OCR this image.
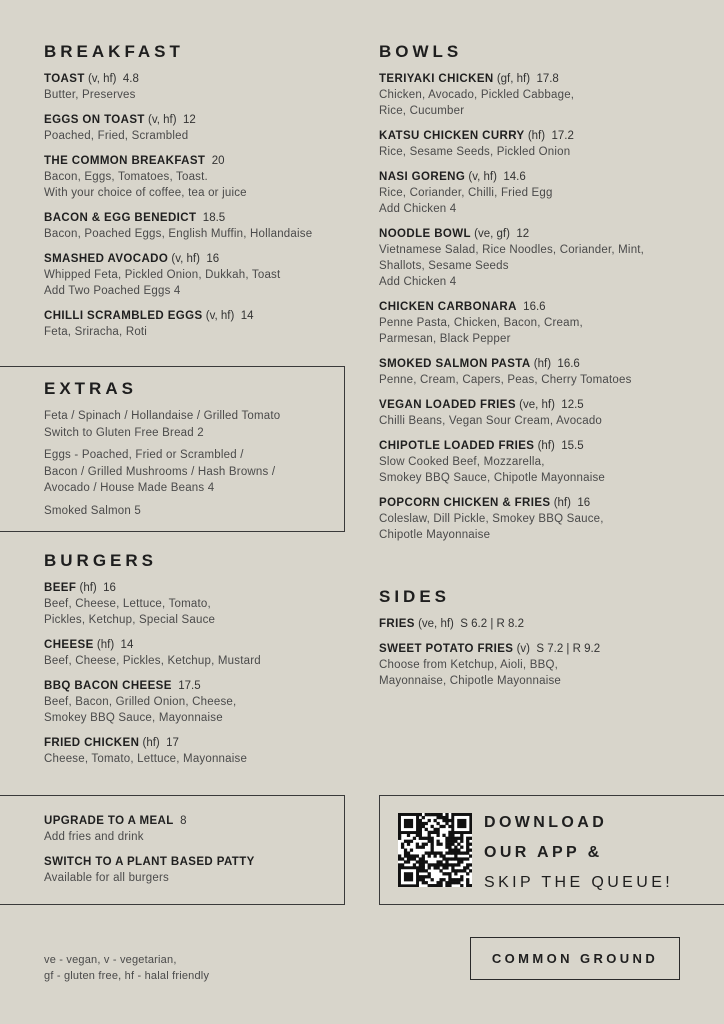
BREAKFAST
TOAST (v, hf) 4.8
Butter, Preserves
EGGS ON TOAST (v, hf) 12
Poached, Fried, Scrambled
THE COMMON BREAKFAST 20
Bacon, Eggs, Tomatoes, Toast.
With your choice of coffee, tea or juice
BACON & EGG BENEDICT 18.5
Bacon, Poached Eggs, English Muffin, Hollandaise
SMASHED AVOCADO (v, hf) 16
Whipped Feta, Pickled Onion, Dukkah, Toast
Add Two Poached Eggs 4
CHILLI SCRAMBLED EGGS (v, hf) 14
Feta, Sriracha, Roti
EXTRAS
Feta / Spinach / Hollandaise / Grilled Tomato
Switch to Gluten Free Bread 2
Eggs - Poached, Fried or Scrambled /
Bacon / Grilled Mushrooms / Hash Browns /
Avocado / House Made Beans 4
Smoked Salmon 5
BURGERS
BEEF (hf) 16
Beef, Cheese, Lettuce, Tomato,
Pickles, Ketchup, Special Sauce
CHEESE (hf) 14
Beef, Cheese, Pickles, Ketchup, Mustard
BBQ BACON CHEESE 17.5
Beef, Bacon, Grilled Onion, Cheese,
Smokey BBQ Sauce, Mayonnaise
FRIED CHICKEN (hf) 17
Cheese, Tomato, Lettuce, Mayonnaise
UPGRADE TO A MEAL 8
Add fries and drink
SWITCH TO A PLANT BASED PATTY
Available for all burgers
ve - vegan, v - vegetarian,
gf - gluten free, hf - halal friendly
BOWLS
TERIYAKI CHICKEN (gf, hf) 17.8
Chicken, Avocado, Pickled Cabbage,
Rice, Cucumber
KATSU CHICKEN CURRY (hf) 17.2
Rice, Sesame Seeds, Pickled Onion
NASI GORENG (v, hf) 14.6
Rice, Coriander, Chilli, Fried Egg
Add Chicken 4
NOODLE BOWL (ve, gf) 12
Vietnamese Salad, Rice Noodles, Coriander, Mint,
Shallots, Sesame Seeds
Add Chicken 4
CHICKEN CARBONARA 16.6
Penne Pasta, Chicken, Bacon, Cream,
Parmesan, Black Pepper
SMOKED SALMON PASTA (hf) 16.6
Penne, Cream, Capers, Peas, Cherry Tomatoes
VEGAN LOADED FRIES (ve, hf) 12.5
Chilli Beans, Vegan Sour Cream, Avocado
CHIPOTLE LOADED FRIES (hf) 15.5
Slow Cooked Beef, Mozzarella,
Smokey BBQ Sauce, Chipotle Mayonnaise
POPCORN CHICKEN & FRIES (hf) 16
Coleslaw, Dill Pickle, Smokey BBQ Sauce,
Chipotle Mayonnaise
SIDES
FRIES (ve, hf) S 6.2 | R 8.2
SWEET POTATO FRIES (v) S 7.2 | R 9.2
Choose from Ketchup, Aioli, BBQ,
Mayonnaise, Chipotle Mayonnaise
DOWNLOAD
OUR APP &
SKIP THE QUEUE!
COMMON GROUND
